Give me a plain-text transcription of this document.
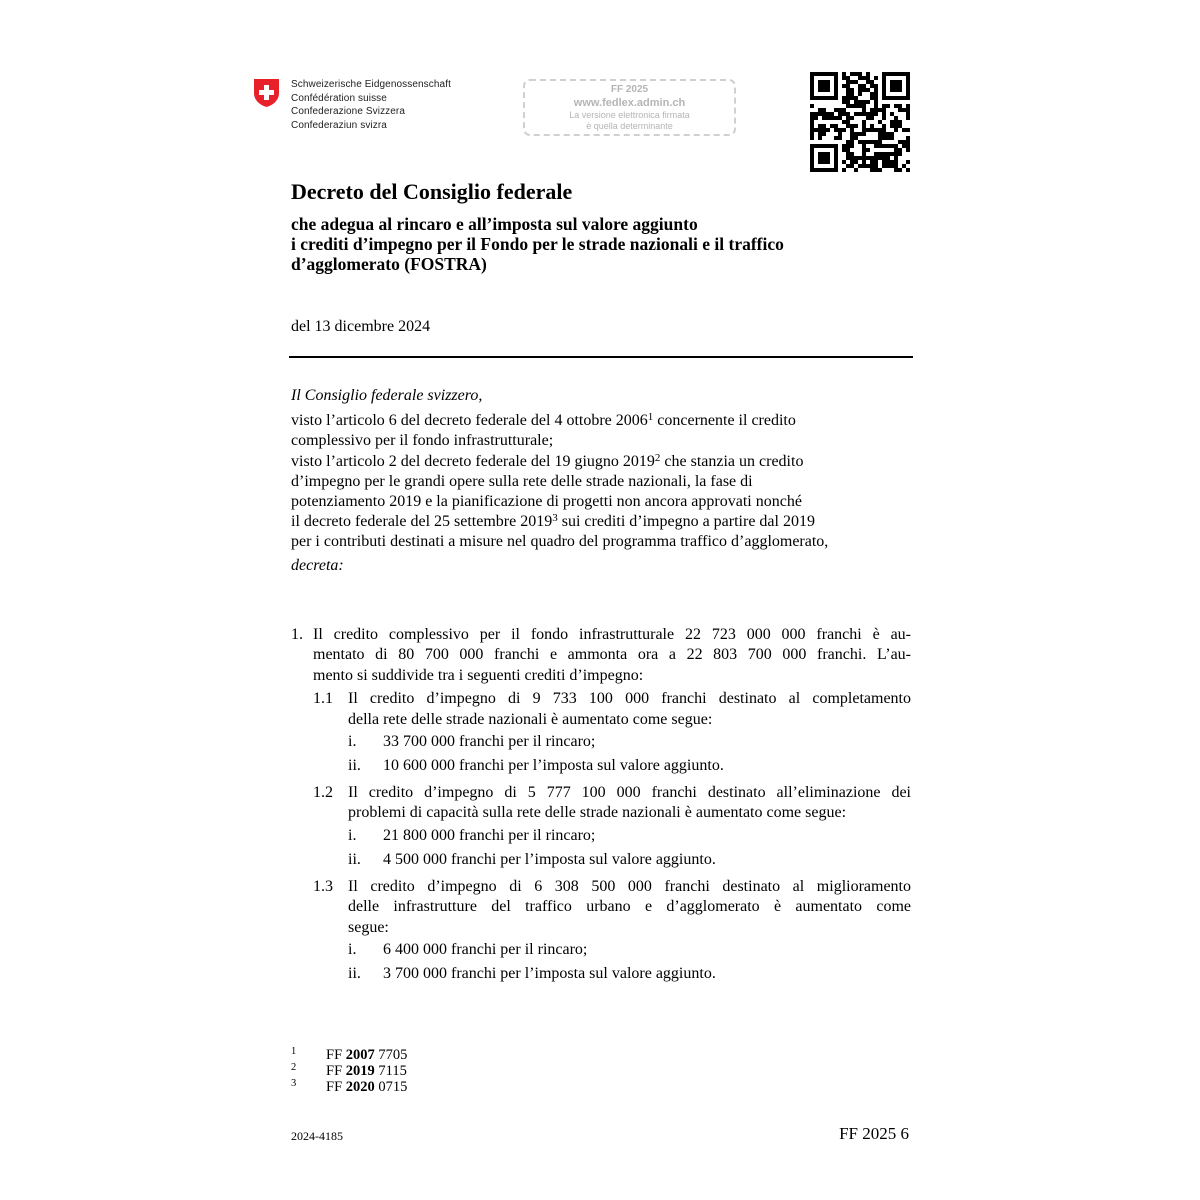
Schweizerische Eidgenossenschaft
Confédération suisse
Confederazione Svizzera
Confederaziun svizra
FF 2025
www.fedlex.admin.ch
La versione elettronica firmata
è quella determinante
Decreto del Consiglio federale
che adegua al rincaro e all’imposta sul valore aggiunto
i crediti d’impegno per il Fondo per le strade nazionali e il traffico
d’agglomerato (FOSTRA)
del 13 dicembre 2024
Il Consiglio federale svizzero,
visto l’articolo 6 del decreto federale del 4 ottobre 2006$^1$ concernente il credito
complessivo per il fondo infrastrutturale;
visto l’articolo 2 del decreto federale del 19 giugno 2019$^2$ che stanzia un credito
d’impegno per le grandi opere sulla rete delle strade nazionali, la fase di
potenziamento 2019 e la pianificazione di progetti non ancora approvati nonché
il decreto federale del 25 settembre 2019$^3$ sui crediti d’impegno a partire dal 2019
per i contributi destinati a misure nel quadro del programma traffico d’agglomerato,
decreta:
1. Il credito complessivo per il fondo infrastrutturale 22 723 000 000 franchi è au-
mentato di 80 700 000 franchi e ammonta ora a 22 803 700 000 franchi. L’au-
mento si suddivide tra i seguenti crediti d’impegno:
1.1 Il credito d’impegno di 9 733 100 000 franchi destinato al completamento
della rete delle strade nazionali è aumentato come segue:
i. 33 700 000 franchi per il rincaro;
ii. 10 600 000 franchi per l’imposta sul valore aggiunto.
1.2 Il credito d’impegno di 5 777 100 000 franchi destinato all’eliminazione dei
problemi di capacità sulla rete delle strade nazionali è aumentato come segue:
i. 21 800 000 franchi per il rincaro;
ii. 4 500 000 franchi per l’imposta sul valore aggiunto.
1.3 Il credito d’impegno di 6 308 500 000 franchi destinato al miglioramento
delle infrastrutture del traffico urbano e d’agglomerato è aumentato come
segue:
i. 6 400 000 franchi per il rincaro;
ii. 3 700 000 franchi per l’imposta sul valore aggiunto.
1 FF 2007 7705
2 FF 2019 7115
3 FF 2020 0715
2024-4185	FF 2025 6
